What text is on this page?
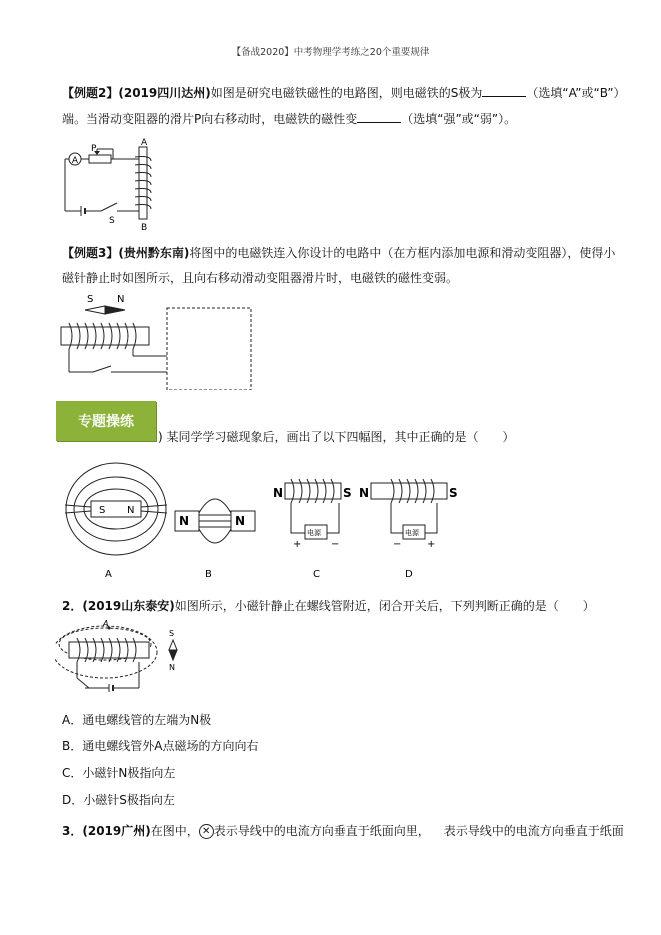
【备战2020】中考物理学考练之20个重要规律
【例题2】(2019四川达州)如图是研究电磁铁磁性的电路图，则电磁铁的S极为	（选填“A”或“B”）
端。当滑动变阻器的滑片P向右移动时，电磁铁的磁性变	（选填“强”或“弱”）。
A
P
A
B
S
【例题3】(贵州黔东南)将图中的电磁铁连入你设计的电路中（在方框内添加电源和滑动变阻器），使得小
磁针静止时如图所示，且向右移动滑动变阻器滑片时，电磁铁的磁性变弱。
S N
专题操练
) 某同学学习磁现象后，画出了以下四幅图，其中正确的是（　　）
S N
N	N
N	S
电源
+	−
N	S
电源
−	+
A	B	C	D
2．(2019山东泰安)如图所示，小磁针静止在螺线管附近，闭合开关后，下列判断正确的是（　　）
A
S
N
A．通电螺线管的左端为N极
B．通电螺线管外A点磁场的方向向右
C．小磁针N极指向左
D．小磁针S极指向左
3．(2019广州)在图中， ✕ 表示导线中的电流方向垂直于纸面向里， 表示导线中的电流方向垂直于纸面
